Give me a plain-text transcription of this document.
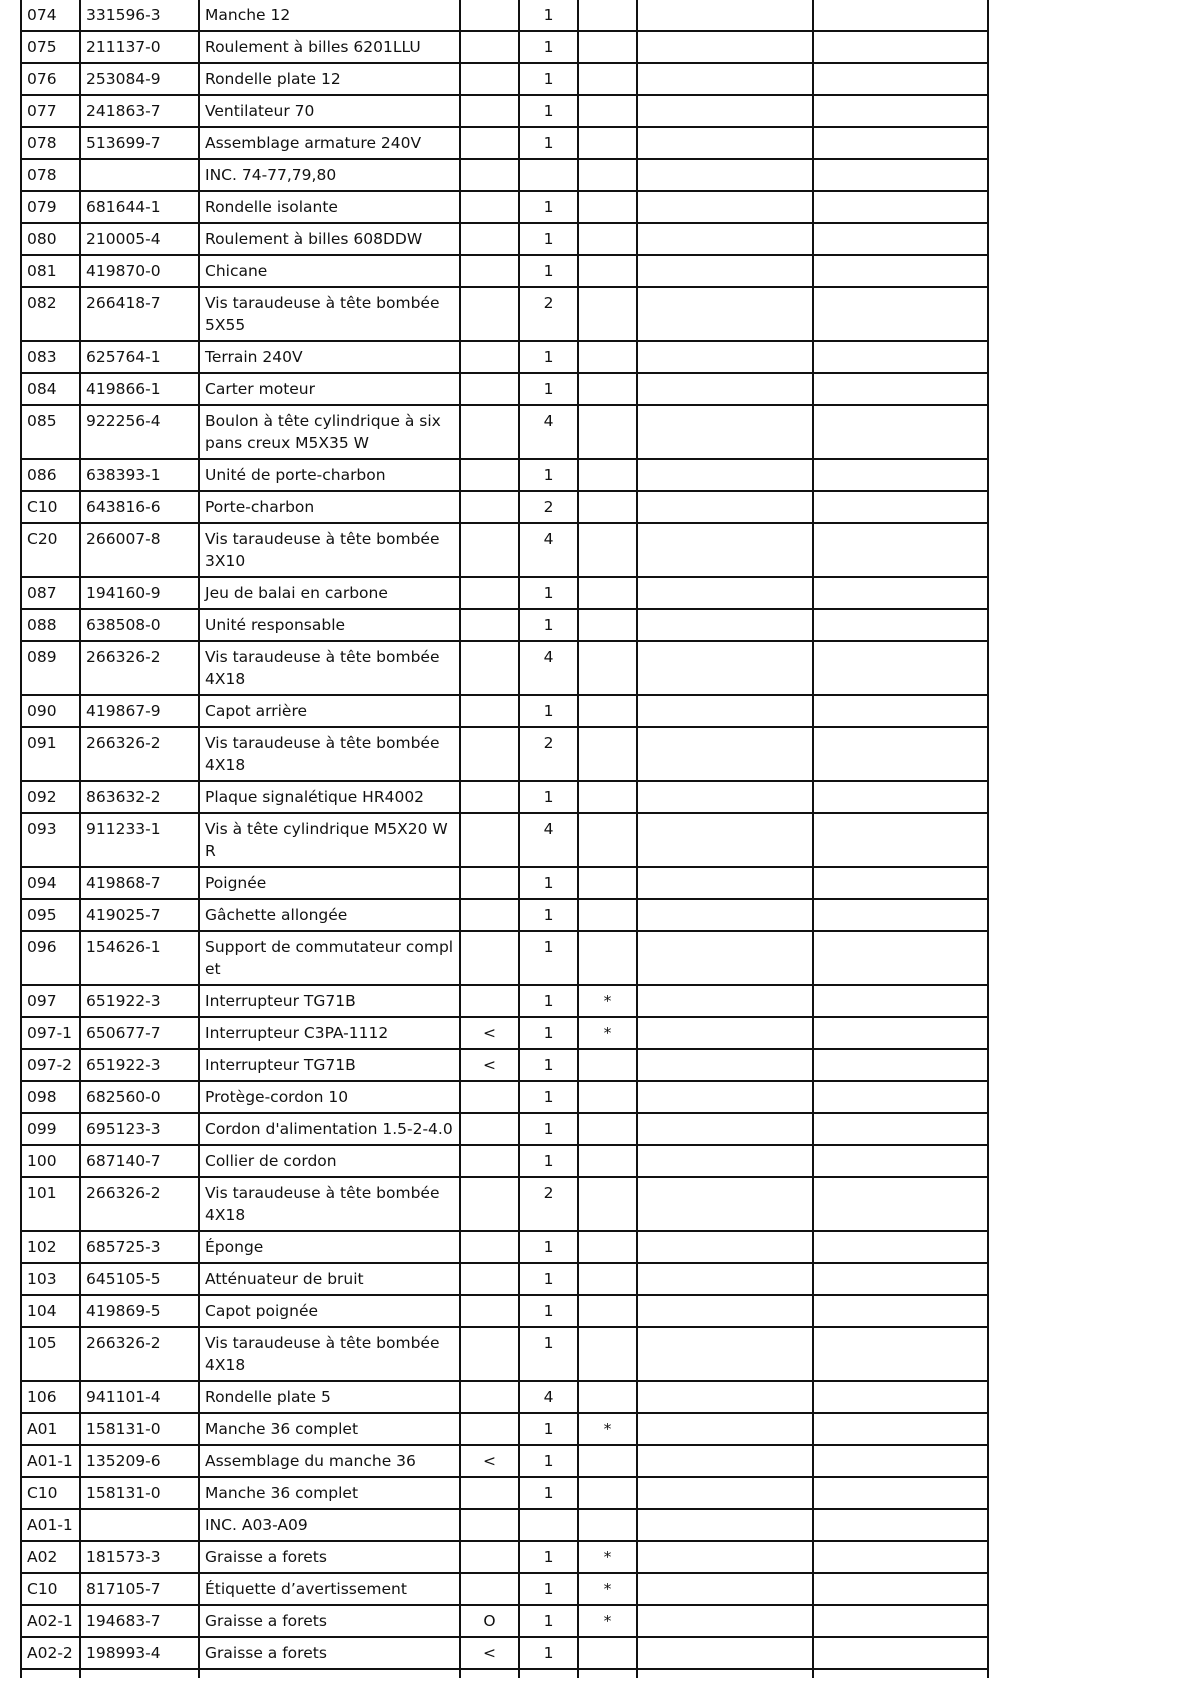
074	331596-3	Manche 12		1			
075	211137-0	Roulement à billes 6201LLU		1			
076	253084-9	Rondelle plate 12		1			
077	241863-7	Ventilateur 70		1			
078	513699-7	Assemblage armature 240V		1			
078		INC. 74-77,79,80					
079	681644-1	Rondelle isolante		1			
080	210005-4	Roulement à billes 608DDW		1			
081	419870-0	Chicane		1			
082	266418-7	Vis taraudeuse à tête bombée 5X55		2			
083	625764-1	Terrain 240V		1			
084	419866-1	Carter moteur		1			
085	922256-4	Boulon à tête cylindrique à six pans creux M5X35 W		4			
086	638393-1	Unité de porte-charbon		1			
C10	643816-6	Porte-charbon		2			
C20	266007-8	Vis taraudeuse à tête bombée 3X10		4			
087	194160-9	Jeu de balai en carbone		1			
088	638508-0	Unité responsable		1			
089	266326-2	Vis taraudeuse à tête bombée 4X18		4			
090	419867-9	Capot arrière		1			
091	266326-2	Vis taraudeuse à tête bombée 4X18		2			
092	863632-2	Plaque signalétique HR4002		1			
093	911233-1	Vis à tête cylindrique M5X20 WR		4			
094	419868-7	Poignée		1			
095	419025-7	Gâchette allongée		1			
096	154626-1	Support de commutateur complet		1			
097	651922-3	Interrupteur TG71B		1	*		
097-1	650677-7	Interrupteur C3PA-1112	<	1	*		
097-2	651922-3	Interrupteur TG71B	<	1			
098	682560-0	Protège-cordon 10		1			
099	695123-3	Cordon d'alimentation 1.5-2-4.0		1			
100	687140-7	Collier de cordon		1			
101	266326-2	Vis taraudeuse à tête bombée 4X18		2			
102	685725-3	Éponge		1			
103	645105-5	Atténuateur de bruit		1			
104	419869-5	Capot poignée		1			
105	266326-2	Vis taraudeuse à tête bombée 4X18		1			
106	941101-4	Rondelle plate 5		4			
A01	158131-0	Manche 36 complet		1	*		
A01-1	135209-6	Assemblage du manche 36	<	1			
C10	158131-0	Manche 36 complet		1			
A01-1		INC. A03-A09					
A02	181573-3	Graisse a forets		1	*		
C10	817105-7	Étiquette d’avertissement		1	*		
A02-1	194683-7	Graisse a forets	O	1	*		
A02-2	198993-4	Graisse a forets	<	1			
